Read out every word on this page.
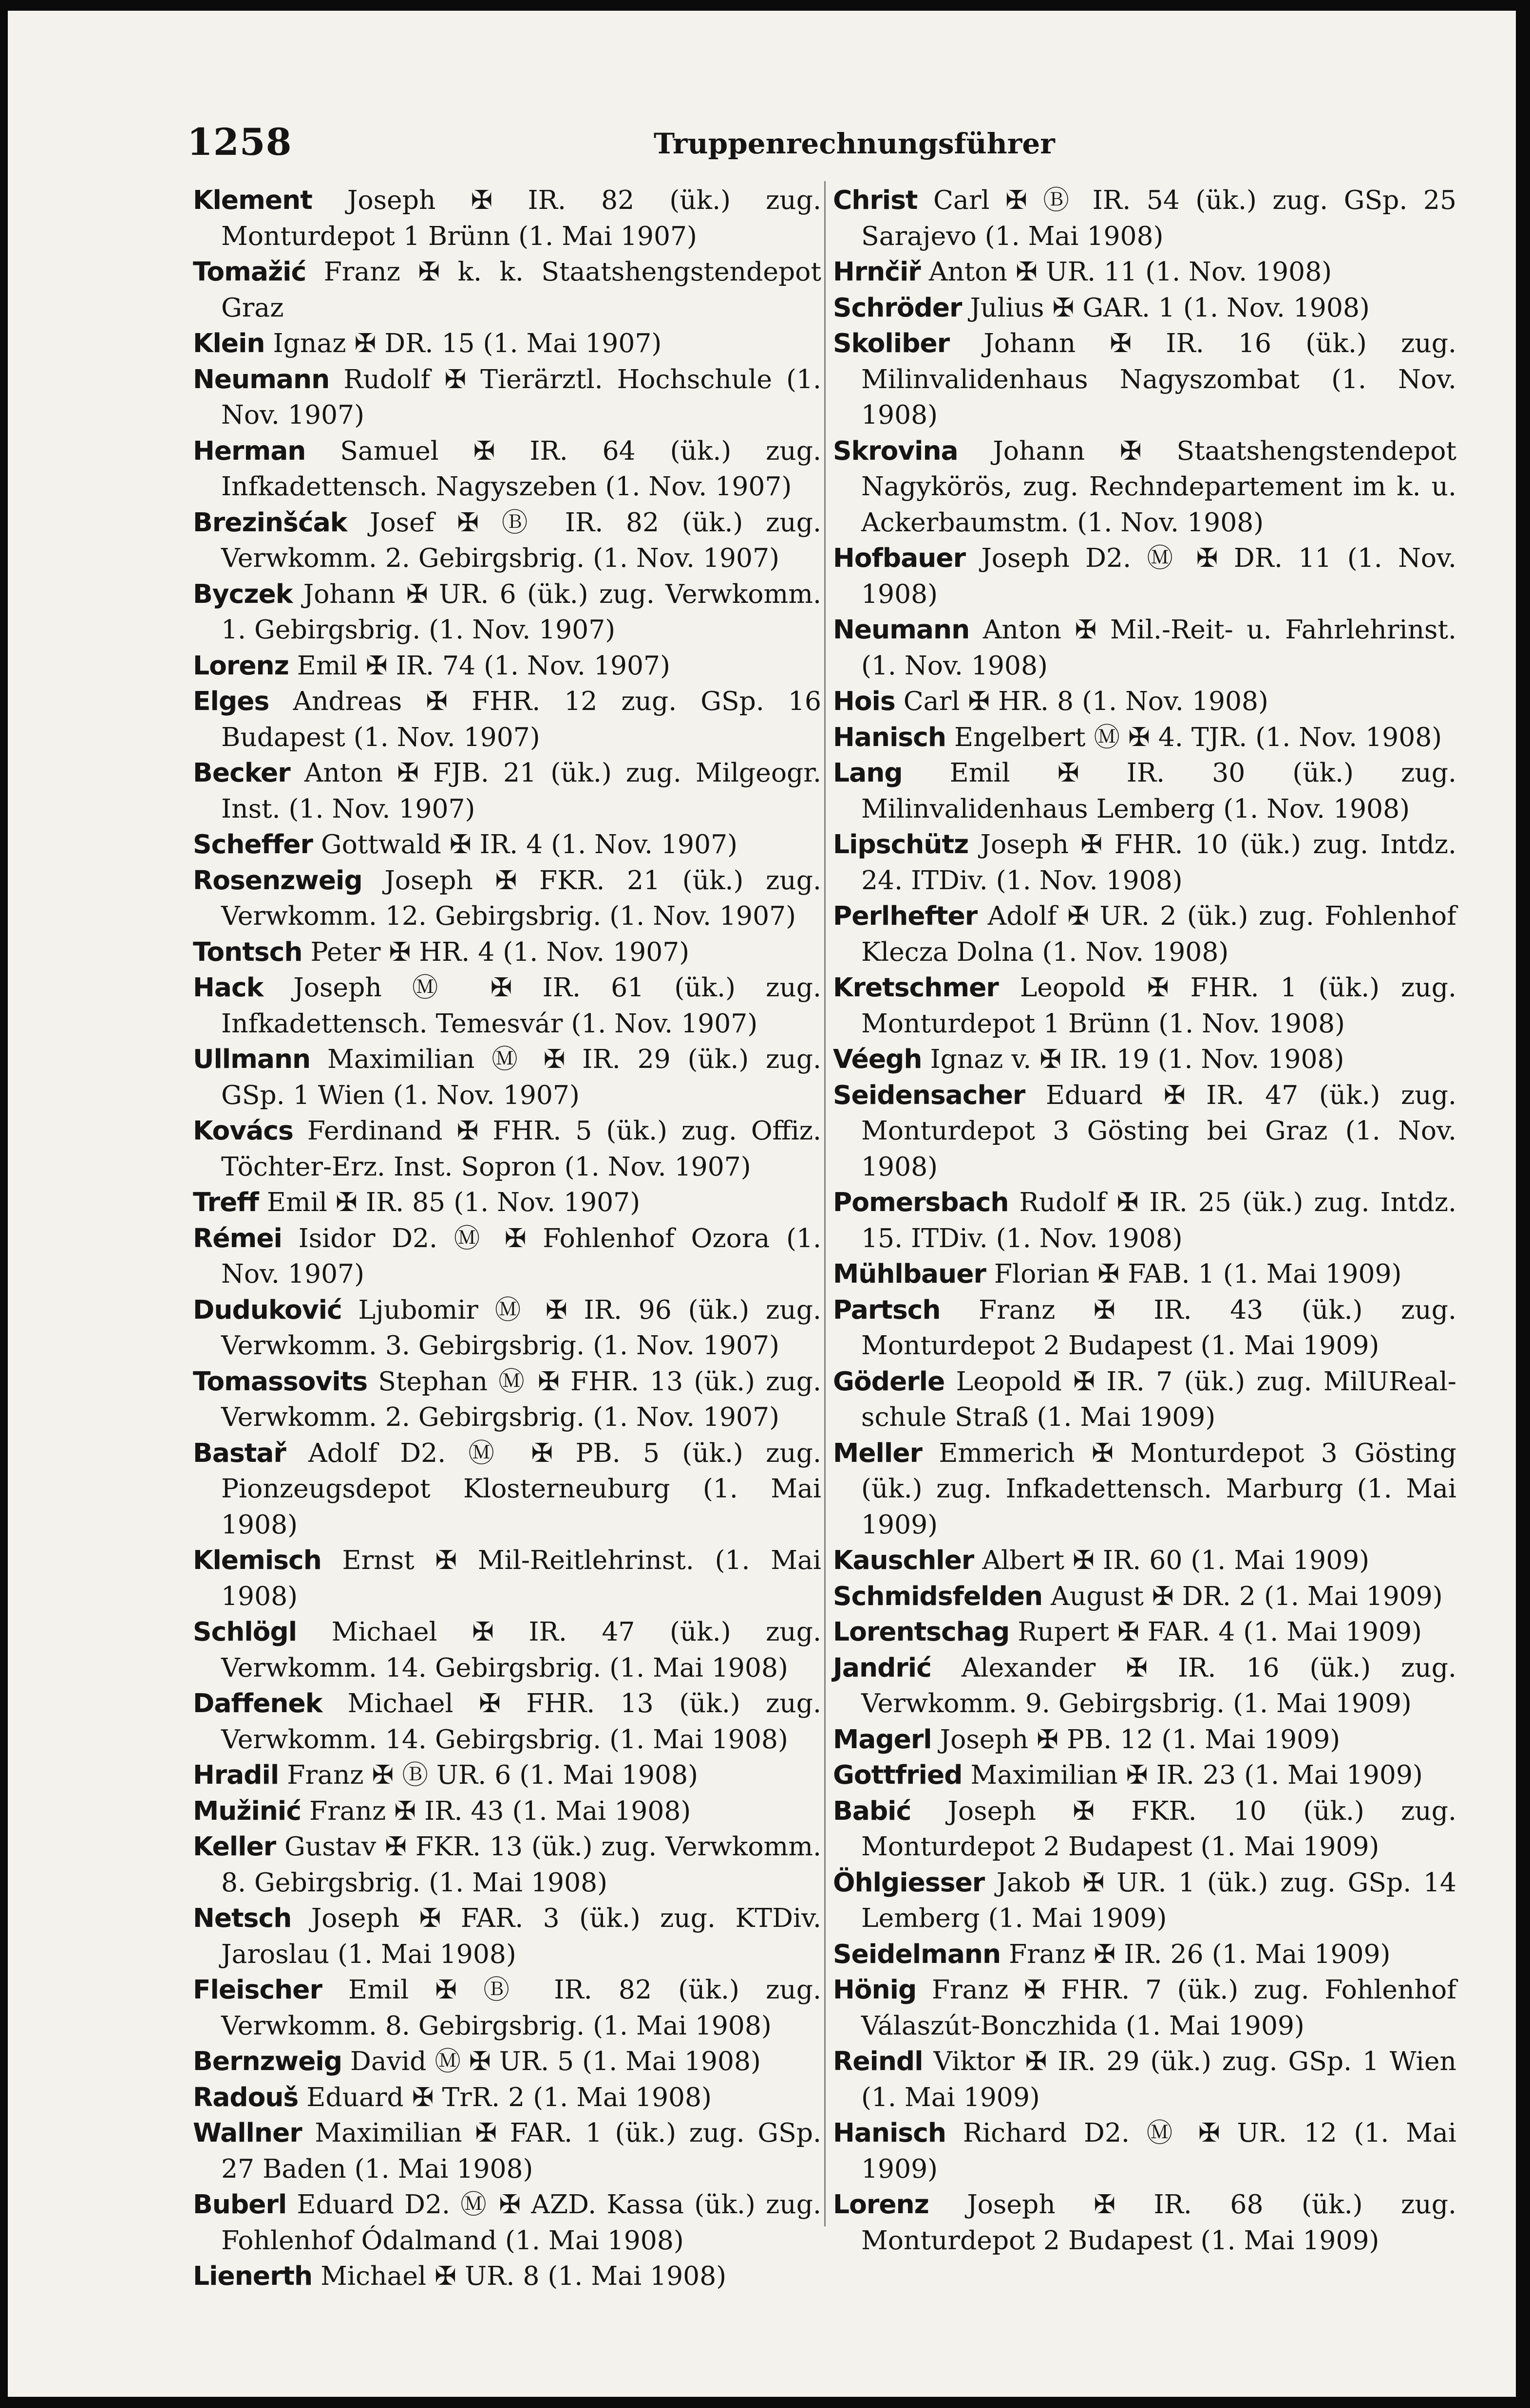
1258	Truppenrechnungsführer
Klement Joseph ✠ IR. 82 (ük.) zug. Monturdepot 1 Brünn (1. Mai 1907)
Tomažić Franz ✠ k. k. Staatshengstendepot Graz
Klein Ignaz ✠ DR. 15 (1. Mai 1907)
Neumann Rudolf ✠ Tierärztl. Hochschule (1. Nov. 1907)
Herman Samuel ✠ IR. 64 (ük.) zug. Infkadettensch. Nagyszeben (1. Nov. 1907)
Brezinšćak Josef ✠ Ⓑ IR. 82 (ük.) zug. Verwkomm. 2. Gebirgsbrig. (1. Nov. 1907)
Byczek Johann ✠ UR. 6 (ük.) zug. Verwkomm. 1. Gebirgsbrig. (1. Nov. 1907)
Lorenz Emil ✠ IR. 74 (1. Nov. 1907)
Elges Andreas ✠ FHR. 12 zug. GSp. 16 Budapest (1. Nov. 1907)
Becker Anton ✠ FJB. 21 (ük.) zug. Milgeogr. Inst. (1. Nov. 1907)
Scheffer Gottwald ✠ IR. 4 (1. Nov. 1907)
Rosenzweig Joseph ✠ FKR. 21 (ük.) zug. Verwkomm. 12. Gebirgsbrig. (1. Nov. 1907)
Tontsch Peter ✠ HR. 4 (1. Nov. 1907)
Hack Joseph Ⓜ ✠ IR. 61 (ük.) zug. Infkadettensch. Temesvár (1. Nov. 1907)
Ullmann Maximilian Ⓜ ✠ IR. 29 (ük.) zug. GSp. 1 Wien (1. Nov. 1907)
Kovács Ferdinand ✠ FHR. 5 (ük.) zug. Offiz. Töchter-Erz. Inst. Sopron (1. Nov. 1907)
Treff Emil ✠ IR. 85 (1. Nov. 1907)
Rémei Isidor D2. Ⓜ ✠ Fohlenhof Ozora (1. Nov. 1907)
Duduković Ljubomir Ⓜ ✠ IR. 96 (ük.) zug. Verwkomm. 3. Gebirgsbrig. (1. Nov. 1907)
Tomassovits Stephan Ⓜ ✠ FHR. 13 (ük.) zug. Verwkomm. 2. Gebirgsbrig. (1. Nov. 1907)
Bastař Adolf D2. Ⓜ ✠ PB. 5 (ük.) zug. Pionzeugsdepot Klosterneuburg (1. Mai 1908)
Klemisch Ernst ✠ Mil-Reitlehrinst. (1. Mai 1908)
Schlögl Michael ✠ IR. 47 (ük.) zug. Verwkomm. 14. Gebirgsbrig. (1. Mai 1908)
Daffenek Michael ✠ FHR. 13 (ük.) zug. Verwkomm. 14. Gebirgsbrig. (1. Mai 1908)
Hradil Franz ✠ Ⓑ UR. 6 (1. Mai 1908)
Mužinić Franz ✠ IR. 43 (1. Mai 1908)
Keller Gustav ✠ FKR. 13 (ük.) zug. Verwkomm. 8. Gebirgsbrig. (1. Mai 1908)
Netsch Joseph ✠ FAR. 3 (ük.) zug. KTDiv. Jaroslau (1. Mai 1908)
Fleischer Emil ✠ Ⓑ IR. 82 (ük.) zug. Verwkomm. 8. Gebirgsbrig. (1. Mai 1908)
Bernzweig David Ⓜ ✠ UR. 5 (1. Mai 1908)
Radouš Eduard ✠ TrR. 2 (1. Mai 1908)
Wallner Maximilian ✠ FAR. 1 (ük.) zug. GSp. 27 Baden (1. Mai 1908)
Buberl Eduard D2. Ⓜ ✠ AZD. Kassa (ük.) zug. Fohlenhof Ódalmand (1. Mai 1908)
Lienerth Michael ✠ UR. 8 (1. Mai 1908)
Christ Carl ✠ Ⓑ IR. 54 (ük.) zug. GSp. 25 Sarajevo (1. Mai 1908)
Hrnčiř Anton ✠ UR. 11 (1. Nov. 1908)
Schröder Julius ✠ GAR. 1 (1. Nov. 1908)
Skoliber Johann ✠ IR. 16 (ük.) zug. Milinvalidenhaus Nagyszombat (1. Nov. 1908)
Skrovina Johann ✠ Staatshengstendepot Nagykörös, zug. Rechndepartement im k. u. Ackerbaumstm. (1. Nov. 1908)
Hofbauer Joseph D2. Ⓜ ✠ DR. 11 (1. Nov. 1908)
Neumann Anton ✠ Mil.-Reit- u. Fahrlehrinst. (1. Nov. 1908)
Hois Carl ✠ HR. 8 (1. Nov. 1908)
Hanisch Engelbert Ⓜ ✠ 4. TJR. (1. Nov. 1908)
Lang Emil ✠ IR. 30 (ük.) zug. Milinvalidenhaus Lemberg (1. Nov. 1908)
Lipschütz Joseph ✠ FHR. 10 (ük.) zug. Intdz. 24. ITDiv. (1. Nov. 1908)
Perlhefter Adolf ✠ UR. 2 (ük.) zug. Fohlenhof Klecza Dolna (1. Nov. 1908)
Kretschmer Leopold ✠ FHR. 1 (ük.) zug. Monturdepot 1 Brünn (1. Nov. 1908)
Véegh Ignaz v. ✠ IR. 19 (1. Nov. 1908)
Seidensacher Eduard ✠ IR. 47 (ük.) zug. Monturdepot 3 Gösting bei Graz (1. Nov. 1908)
Pomersbach Rudolf ✠ IR. 25 (ük.) zug. Intdz. 15. ITDiv. (1. Nov. 1908)
Mühlbauer Florian ✠ FAB. 1 (1. Mai 1909)
Partsch Franz ✠ IR. 43 (ük.) zug. Monturdepot 2 Budapest (1. Mai 1909)
Göderle Leopold ✠ IR. 7 (ük.) zug. MilUReal-schule Straß (1. Mai 1909)
Meller Emmerich ✠ Monturdepot 3 Gösting (ük.) zug. Infkadettensch. Marburg (1. Mai 1909)
Kauschler Albert ✠ IR. 60 (1. Mai 1909)
Schmidsfelden August ✠ DR. 2 (1. Mai 1909)
Lorentschag Rupert ✠ FAR. 4 (1. Mai 1909)
Jandrić Alexander ✠ IR. 16 (ük.) zug. Verwkomm. 9. Gebirgsbrig. (1. Mai 1909)
Magerl Joseph ✠ PB. 12 (1. Mai 1909)
Gottfried Maximilian ✠ IR. 23 (1. Mai 1909)
Babić Joseph ✠ FKR. 10 (ük.) zug. Monturdepot 2 Budapest (1. Mai 1909)
Öhlgiesser Jakob ✠ UR. 1 (ük.) zug. GSp. 14 Lemberg (1. Mai 1909)
Seidelmann Franz ✠ IR. 26 (1. Mai 1909)
Hönig Franz ✠ FHR. 7 (ük.) zug. Fohlenhof Válaszút-Bonczhida (1. Mai 1909)
Reindl Viktor ✠ IR. 29 (ük.) zug. GSp. 1 Wien (1. Mai 1909)
Hanisch Richard D2. Ⓜ ✠ UR. 12 (1. Mai 1909)
Lorenz Joseph ✠ IR. 68 (ük.) zug. Monturdepot 2 Budapest (1. Mai 1909)
